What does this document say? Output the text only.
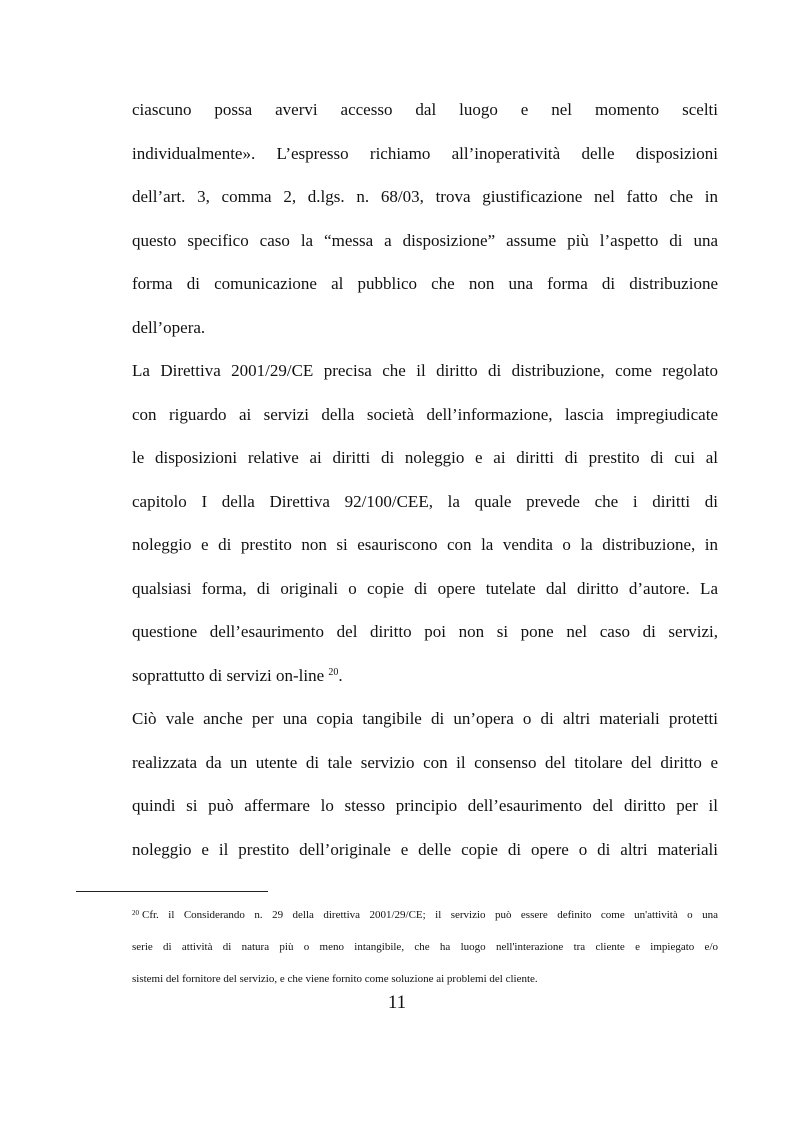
ciascuno possa avervi accesso dal luogo e nel momento scelti
individualmente». L’espresso richiamo all’inoperatività delle disposizioni
dell’art. 3, comma 2, d.lgs. n. 68/03, trova giustificazione nel fatto che in
questo specifico caso la “messa a disposizione” assume più l’aspetto di una
forma di comunicazione al pubblico che non una forma di distribuzione
dell’opera.
La Direttiva 2001/29/CE precisa che il diritto di distribuzione, come regolato
con riguardo ai servizi della società dell’informazione, lascia impregiudicate
le disposizioni relative ai diritti di noleggio e ai diritti di prestito di cui al
capitolo I della Direttiva 92/100/CEE, la quale prevede che i diritti di
noleggio e di prestito non si esauriscono con la vendita o la distribuzione, in
qualsiasi forma, di originali o copie di opere tutelate dal diritto d’autore. La
questione dell’esaurimento del diritto poi non si pone nel caso di servizi,
soprattutto di servizi on-line $^{20}$.
Ciò vale anche per una copia tangibile di un’opera o di altri materiali protetti
realizzata da un utente di tale servizio con il consenso del titolare del diritto e
quindi si può affermare lo stesso principio dell’esaurimento del diritto per il
noleggio e il prestito dell’originale e delle copie di opere o di altri materiali
$^{20}$ Cfr. il Considerando n. 29 della direttiva 2001/29/CE; il servizio può essere definito come un'attività o una
serie di attività di natura più o meno intangibile, che ha luogo nell'interazione tra cliente e impiegato e/o
sistemi del fornitore del servizio, e che viene fornito come soluzione ai problemi del cliente.
11
